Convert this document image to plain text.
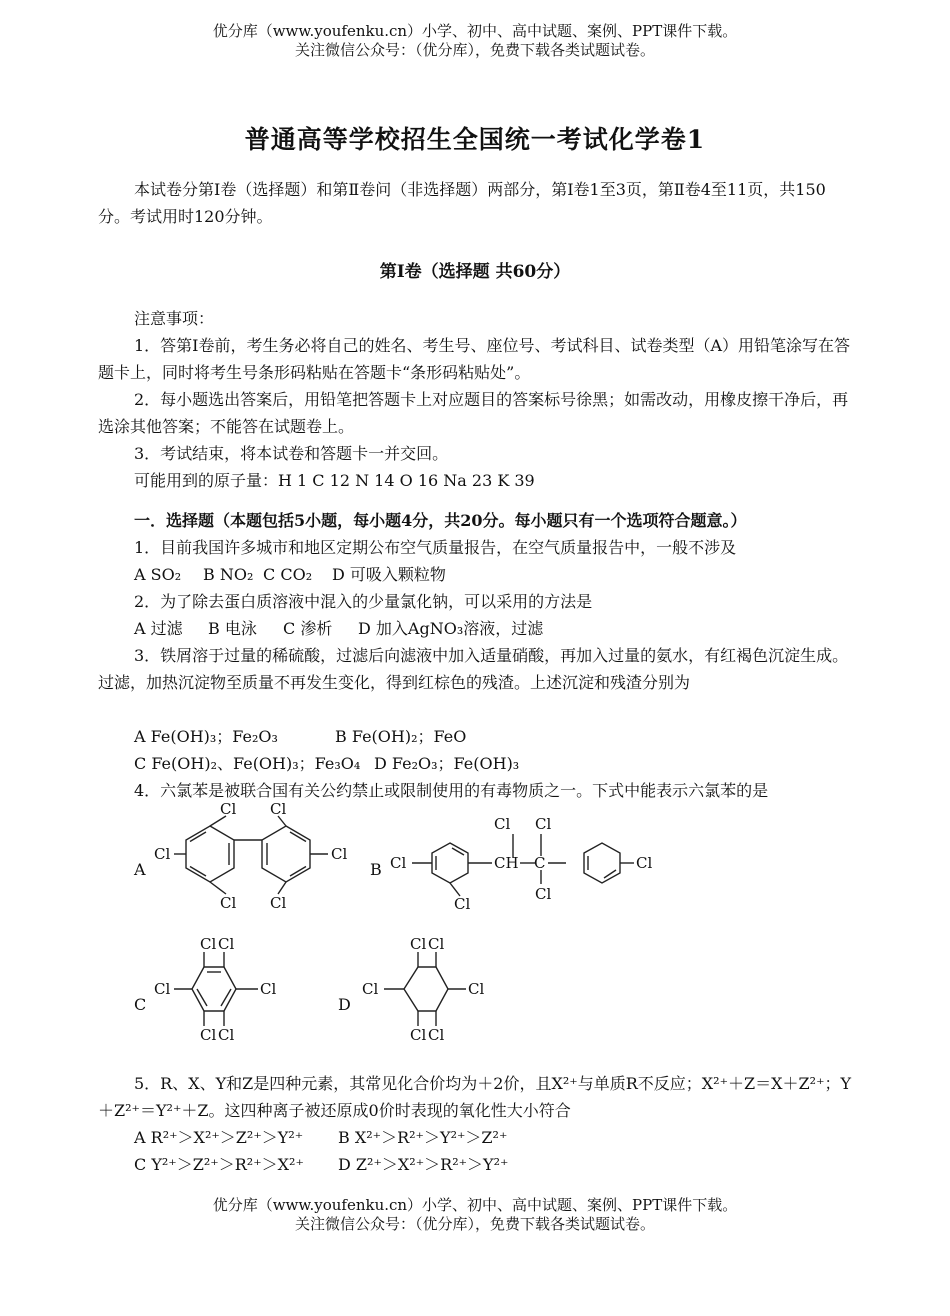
优分库（www.youfenku.cn）小学、初中、高中试题、案例、PPT课件下载。
关注微信公众号：（优分库），免费下载各类试题试卷。
普通高等学校招生全国统一考试化学卷1
本试卷分第Ⅰ卷（选择题）和第Ⅱ卷问（非选择题）两部分，第Ⅰ卷1至3页，第Ⅱ卷4至11页，共150分。考试用时120分钟。
第Ⅰ卷（选择题 共60分）
注意事项：
1．答第Ⅰ卷前，考生务必将自己的姓名、考生号、座位号、考试科目、试卷类型（A）用铅笔涂写在答题卡上，同时将考生号条形码粘贴在答题卡“条形码粘贴处”。
2．每小题选出答案后，用铅笔把答题卡上对应题目的答案标号徐黑；如需改动，用橡皮擦干净后，再选涂其他答案；不能答在试题卷上。
3．考试结束，将本试卷和答题卡一并交回。
可能用到的原子量：H 1 C 12 N 14 O 16 Na 23 K 39
一．选择题（本题包括5小题，每小题4分，共20分。每小题只有一个选项符合题意。）
1．目前我国许多城市和地区定期公布空气质量报告，在空气质量报告中，一般不涉及
A SO₂ B NO₂ C CO₂ D 可吸入颗粒物
2．为了除去蛋白质溶液中混入的少量氯化钠，可以采用的方法是
A 过滤 B 电泳 C 渗析 D 加入AgNO₃溶液，过滤
3．铁屑溶于过量的稀硫酸，过滤后向滤液中加入适量硝酸，再加入过量的氨水，有红褐色沉淀生成。过滤，加热沉淀物至质量不再发生变化，得到红棕色的残渣。上述沉淀和残渣分别为
A Fe(OH)₃；Fe₂O₃	B Fe(OH)₂；FeO
C Fe(OH)₂、Fe(OH)₃；Fe₃O₄ D Fe₂O₃；Fe(OH)₃
4．六氯苯是被联合国有关公约禁止或限制使用的有毒物质之一。下式中能表示六氯苯的是
A
Cl Cl
Cl	Cl
Cl Cl
B Cl
Cl
CH C
Cl Cl
Cl
Cl
C
Cl Cl
Cl	Cl
Cl Cl
D
Cl Cl
Cl	Cl
Cl Cl
5．R、X、Y和Z是四种元素，其常见化合价均为＋2价，且X²⁺与单质R不反应；X²⁺＋Z＝X＋Z²⁺；Y＋Z²⁺＝Y²⁺＋Z。这四种离子被还原成0价时表现的氧化性大小符合
A R²⁺＞X²⁺＞Z²⁺＞Y²⁺ B X²⁺＞R²⁺＞Y²⁺＞Z²⁺
C Y²⁺＞Z²⁺＞R²⁺＞X²⁺ D Z²⁺＞X²⁺＞R²⁺＞Y²⁺
优分库（www.youfenku.cn）小学、初中、高中试题、案例、PPT课件下载。
关注微信公众号：（优分库），免费下载各类试题试卷。
